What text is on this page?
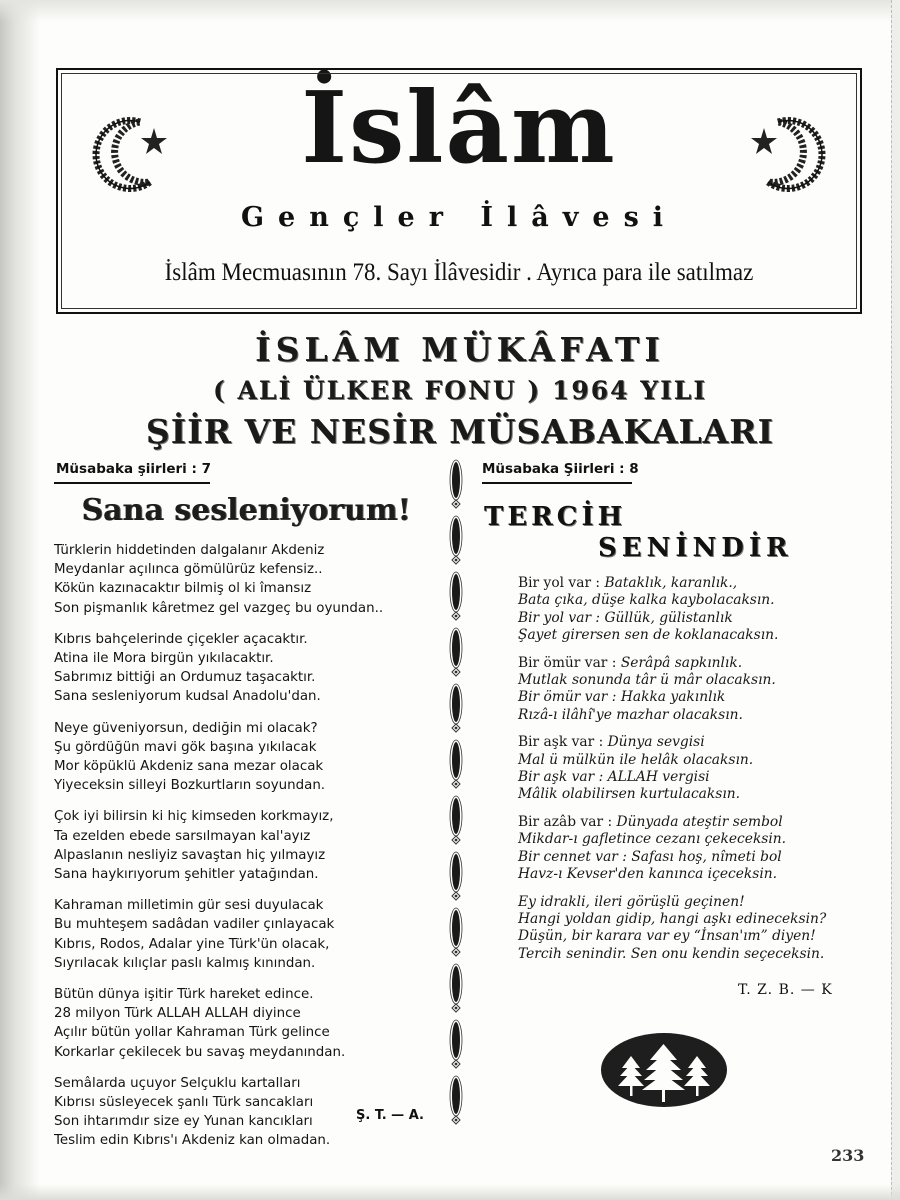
İslâm
Gençler İlâvesi
İslâm Mecmuasının 78. Sayı İlâvesidir . Ayrıca para ile satılmaz
İSLÂM MÜKÂFATI
( ALİ ÜLKER FONU ) 1964 YILI
ŞİİR VE NESİR MÜSABAKALARI
Müsabaka şiirleri : 7
Sana sesleniyorum!
Türklerin hiddetinden dalgalanır Akdeniz
Meydanlar açılınca gömülürüz kefensiz..
Kökün kazınacaktır bilmiş ol ki îmansız
Son pişmanlık kâretmez gel vazgeç bu oyundan..
Kıbrıs bahçelerinde çiçekler açacaktır.
Atina ile Mora birgün yıkılacaktır.
Sabrımız bittiği an Ordumuz taşacaktır.
Sana sesleniyorum kudsal Anadolu'dan.
Neye güveniyorsun, dediğin mi olacak?
Şu gördüğün mavi gök başına yıkılacak
Mor köpüklü Akdeniz sana mezar olacak
Yiyeceksin silleyi Bozkurtların soyundan.
Çok iyi bilirsin ki hiç kimseden korkmayız,
Ta ezelden ebede sarsılmayan kal'ayız
Alpaslanın nesliyiz savaştan hiç yılmayız
Sana haykırıyorum şehitler yatağından.
Kahraman milletimin gür sesi duyulacak
Bu muhteşem sadâdan vadiler çınlayacak
Kıbrıs, Rodos, Adalar yine Türk'ün olacak,
Sıyrılacak kılıçlar paslı kalmış kınından.
Bütün dünya işitir Türk hareket edince.
28 milyon Türk ALLAH ALLAH diyince
Açılır bütün yollar Kahraman Türk gelince
Korkarlar çekilecek bu savaş meydanından.
Semâlarda uçuyor Selçuklu kartalları
Kıbrısı süsleyecek şanlı Türk sancakları
Son ihtarımdır size ey Yunan kancıkları
Teslim edin Kıbrıs'ı Akdeniz kan olmadan.
Ş. T. — A.
Müsabaka Şiirleri : 8
TERCİH
SENİNDİR
Bir yol var : Bataklık, karanlık.,
Bata çıka, düşe kalka kaybolacaksın.
Bir yol var : Güllük, gülistanlık
Şayet girersen sen de koklanacaksın.
Bir ömür var : Serâpâ sapkınlık.
Mutlak sonunda târ ü mâr olacaksın.
Bir ömür var : Hakka yakınlık
Rızâ-ı ilâhî'ye mazhar olacaksın.
Bir aşk var : Dünya sevgisi
Mal ü mülkün ile helâk olacaksın.
Bir aşk var : ALLAH vergisi
Mâlik olabilirsen kurtulacaksın.
Bir azâb var : Dünyada ateştir sembol
Mikdar-ı gafletince cezanı çekeceksin.
Bir cennet var : Safası hoş, nîmeti bol
Havz-ı Kevser'den kanınca içeceksin.
Ey idrakli, ileri görüşlü geçinen!
Hangi yoldan gidip, hangi aşkı edineceksin?
Düşün, bir karara var ey “İnsan'ım” diyen!
Tercih senindir. Sen onu kendin seçeceksin.
T. Z. B. — K
233
